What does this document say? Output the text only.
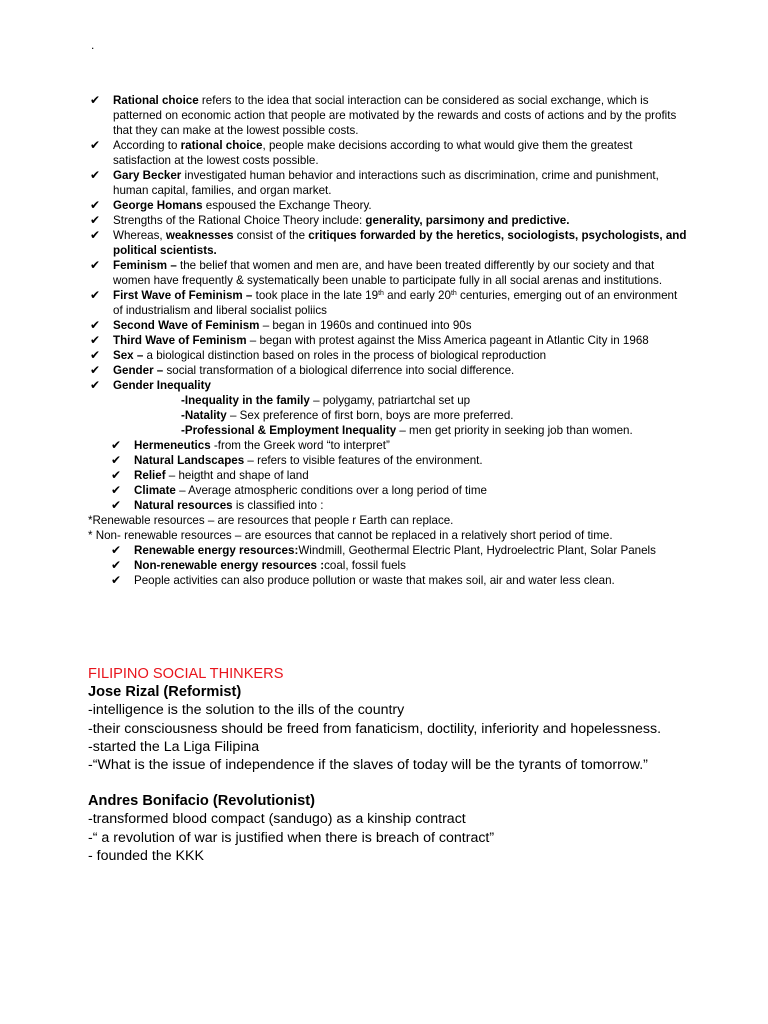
.
✔ Rational choice refers to the idea that social interaction can be considered as social exchange, which is patterned on economic action that people are motivated by the rewards and costs of actions and by the profits that they can make at the lowest possible costs.
✔ According to rational choice, people make decisions according to what would give them the greatest satisfaction at the lowest costs possible.
✔ Gary Becker investigated human behavior and interactions such as discrimination, crime and punishment, human capital, families, and organ market.
✔ George Homans espoused the Exchange Theory.
✔ Strengths of the Rational Choice Theory include: generality, parsimony and predictive.
✔ Whereas, weaknesses consist of the critiques forwarded by the heretics, sociologists, psychologists, and political scientists.
✔ Feminism – the belief that women and men are, and have been treated differently by our society and that women have frequently & systematically been unable to participate fully in all social arenas and institutions.
✔ First Wave of Feminism – took place in the late 19th and early 20th centuries, emerging out of an environment of industrialism and liberal socialist poliics
✔ Second Wave of Feminism – began in 1960s and continued into 90s
✔ Third Wave of Feminism – began with protest against the Miss America pageant in Atlantic City in 1968
✔ Sex – a biological distinction based on roles in the process of biological reproduction
✔ Gender – social transformation of a biological diferrence into social difference.
✔ Gender Inequality
-Inequality in the family – polygamy, patriartchal set up
-Natality – Sex preference of first born, boys are more preferred.
-Professional & Employment Inequality – men get priority in seeking job than women.
✔ Hermeneutics -from the Greek word “to interpret”
✔ Natural Landscapes – refers to visible features of the environment.
✔ Relief – heigtht and shape of land
✔ Climate – Average atmospheric conditions over a long period of time
✔ Natural resources is classified into :
*Renewable resources – are resources that people r Earth can replace.
* Non- renewable resources – are esources that cannot be replaced in a relatively short period of time.
✔ Renewable energy resources:Windmill, Geothermal Electric Plant, Hydroelectric Plant, Solar Panels
✔ Non-renewable energy resources :coal, fossil fuels
✔ People activities can also produce pollution or waste that makes soil, air and water less clean.
FILIPINO SOCIAL THINKERS
Jose Rizal (Reformist)
-intelligence is the solution to the ills of the country
-their consciousness should be freed from fanaticism, doctility, inferiority and hopelessness.
-started the La Liga Filipina
-“What is the issue of independence if the slaves of today will be the tyrants of tomorrow.”
Andres Bonifacio (Revolutionist)
-transformed blood compact (sandugo) as a kinship contract
-“ a revolution of war is justified when there is breach of contract”
- founded the KKK
